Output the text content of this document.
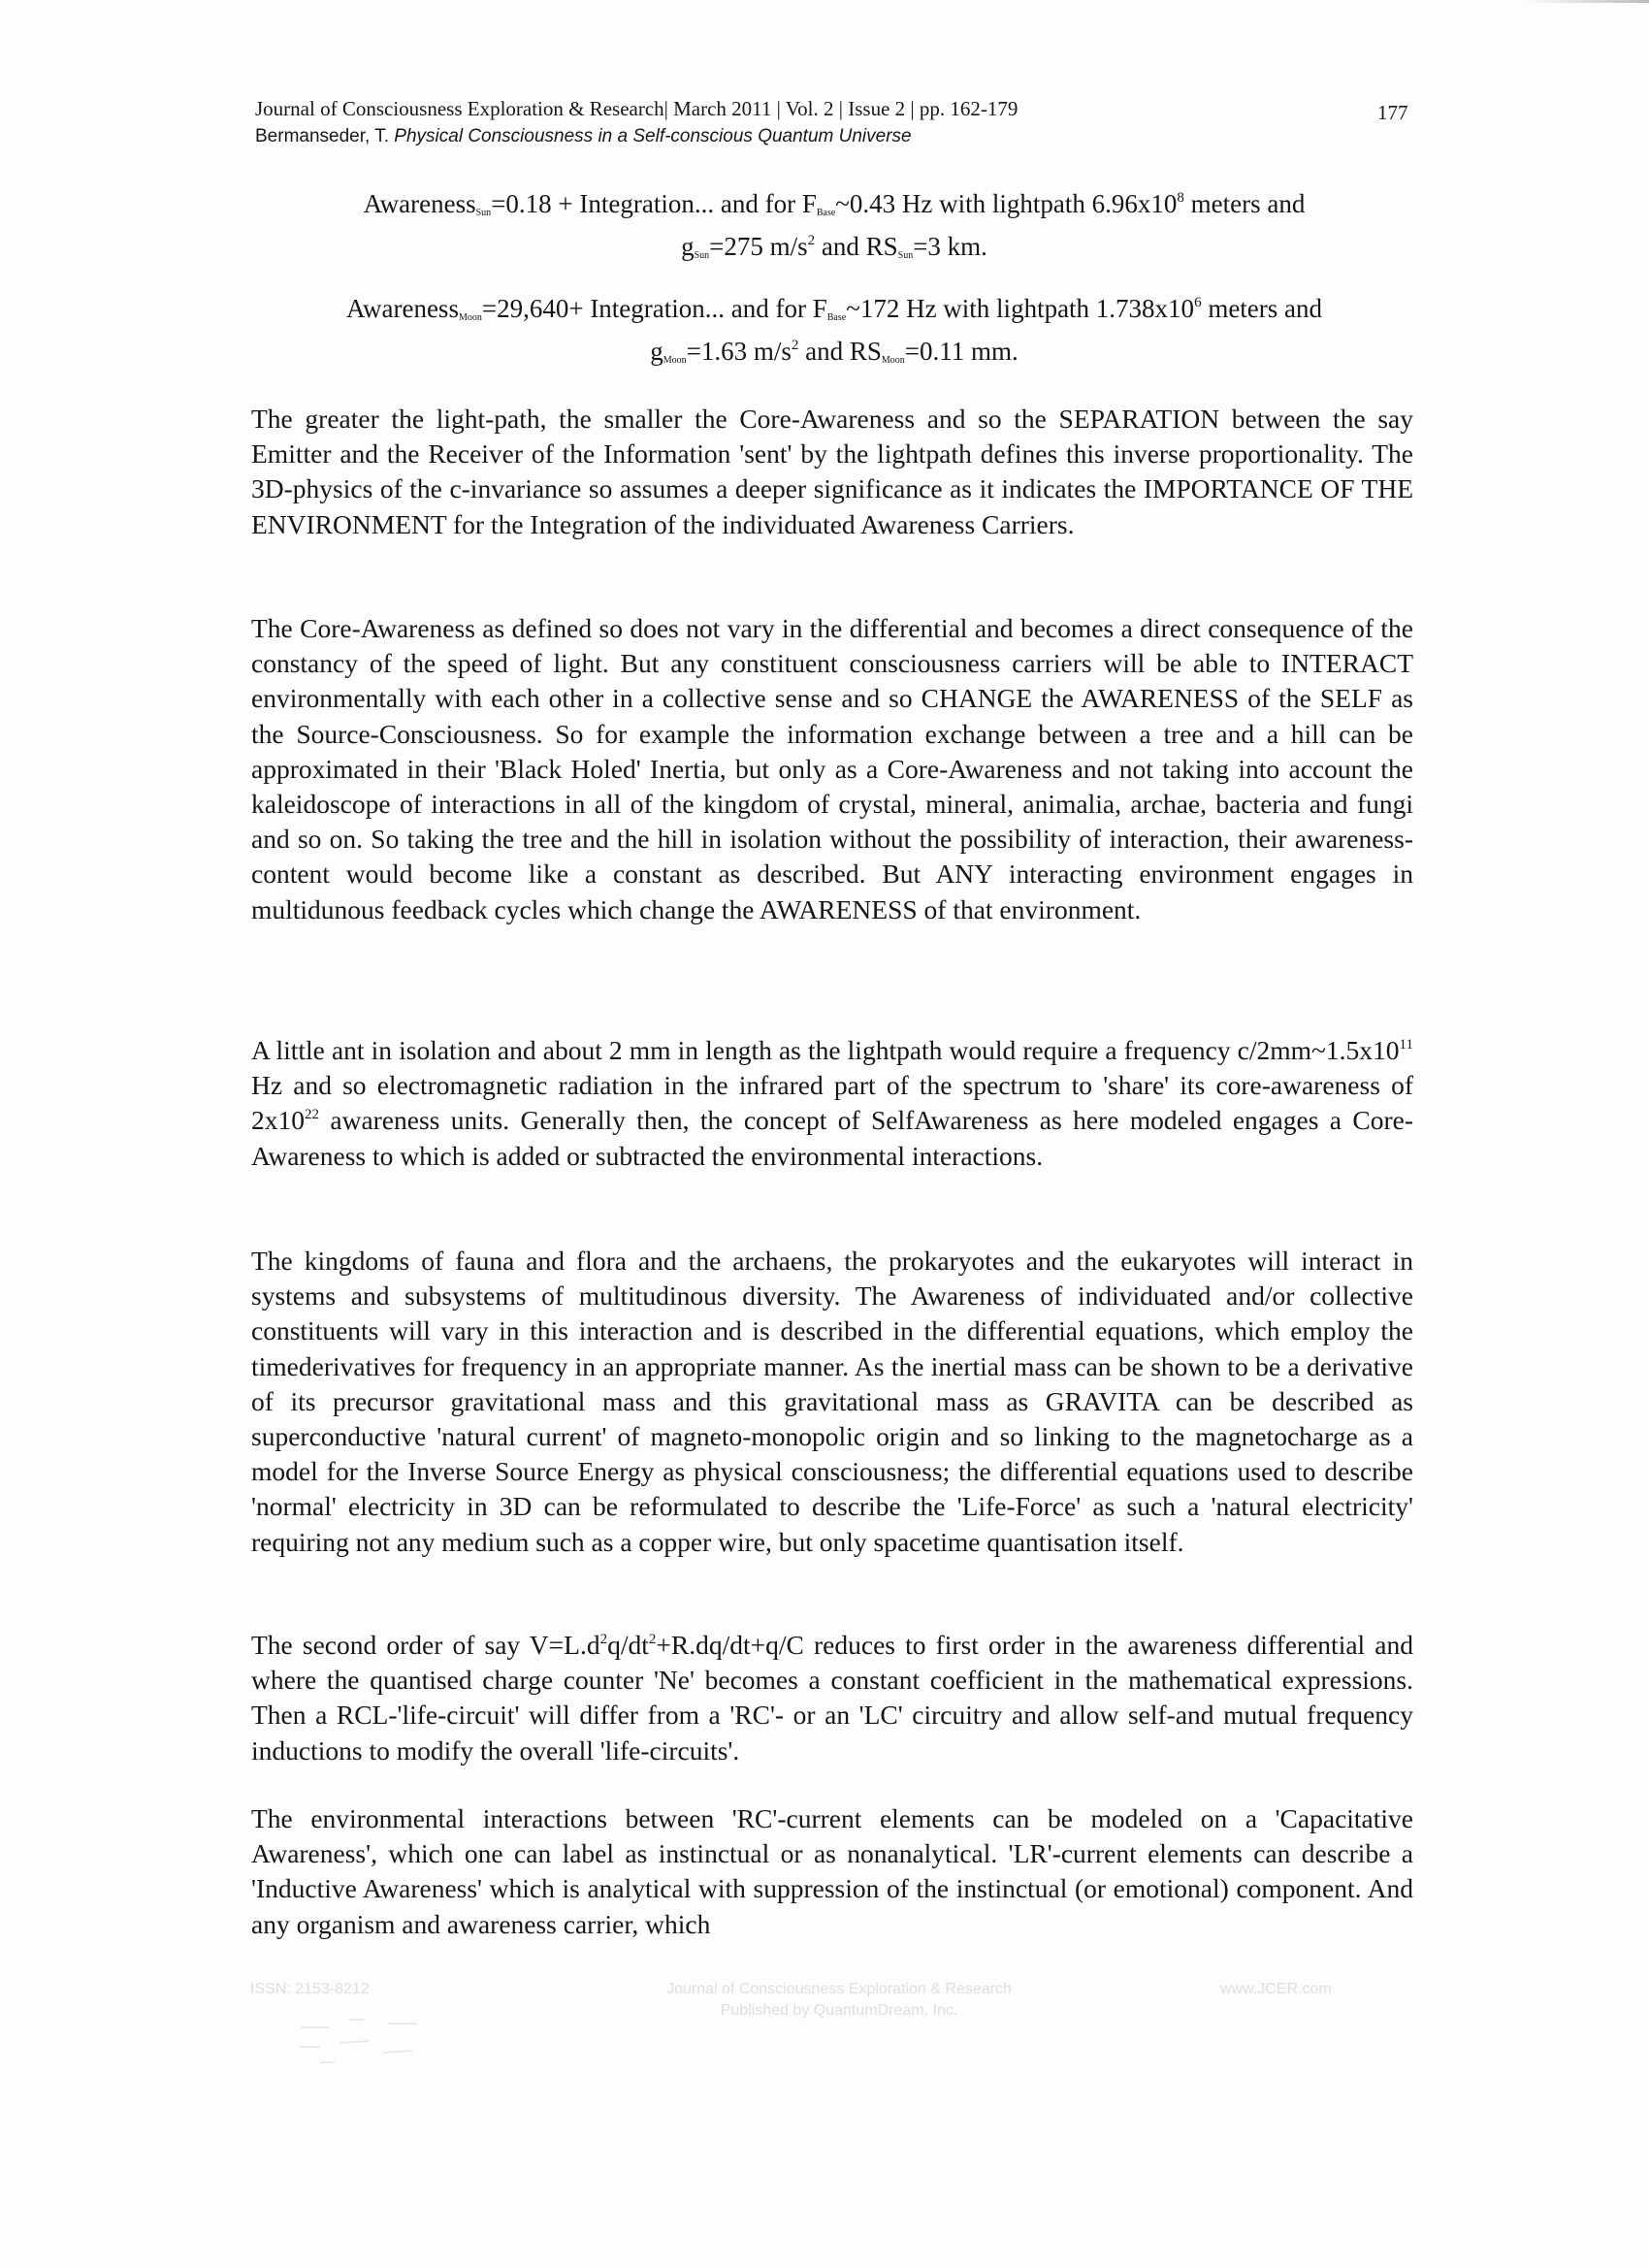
Journal of Consciousness Exploration & Research| March 2011 | Vol. 2 | Issue 2 | pp. 162-179
Bermanseder, T. Physical Consciousness in a Self-conscious Quantum Universe
177
Awareness$_{Sun}$=0.18 + Integration... and for $F_{Base}\sim 0.43$ Hz with lightpath $6.96x10^8$ meters and
$g_{Sun}=275$ $m/s^2$ and $RS_{Sun}=3$ km.
Awareness$_{Moon}$=29,640+ Integration... and for $F_{Base}\sim 172$ Hz with lightpath $1.738x10^6$ meters and
$g_{Moon}=1.63$ $m/s^2$ and $RS_{Moon}=0.11$ mm.

The greater the light-path, the smaller the Core-Awareness and so the SEPARATION between the say Emitter and the Receiver of the Information 'sent' by the lightpath defines this inverse proportionality. The 3D-physics of the c-invariance so assumes a deeper significance as it indicates the IMPORTANCE OF THE ENVIRONMENT for the Integration of the individuated Awareness Carriers.

The Core-Awareness as defined so does not vary in the differential and becomes a direct consequence of the constancy of the speed of light. But any constituent consciousness carriers will be able to INTERACT environmentally with each other in a collective sense and so CHANGE the AWARENESS of the SELF as the Source-Consciousness. So for example the information exchange between a tree and a hill can be approximated in their 'Black Holed' Inertia, but only as a Core-Awareness and not taking into account the kaleidoscope of interactions in all of the kingdom of crystal, mineral, animalia, archae, bacteria and fungi and so on. So taking the tree and the hill in isolation without the possibility of interaction, their awareness-content would become like a constant as described. But ANY interacting environment engages in multidunous feedback cycles which change the AWARENESS of that environment.

A little ant in isolation and about 2 mm in length as the lightpath would require a frequency $c/2mm\sim 1.5x10^{11}$ Hz and so electromagnetic radiation in the infrared part of the spectrum to 'share' its core-awareness of $2x10^{22}$ awareness units. Generally then, the concept of SelfAwareness as here modeled engages a Core-Awareness to which is added or subtracted the environmental interactions.

The kingdoms of fauna and flora and the archaens, the prokaryotes and the eukaryotes will interact in systems and subsystems of multitudinous diversity. The Awareness of individuated and/or collective constituents will vary in this interaction and is described in the differential equations, which employ the timederivatives for frequency in an appropriate manner. As the inertial mass can be shown to be a derivative of its precursor gravitational mass and this gravitational mass as GRAVITA can be described as superconductive 'natural current' of magneto-monopolic origin and so linking to the magnetocharge as a model for the Inverse Source Energy as physical consciousness; the differential equations used to describe 'normal' electricity in 3D can be reformulated to describe the 'Life-Force' as such a 'natural electricity' requiring not any medium such as a copper wire, but only spacetime quantisation itself.

The second order of say $V=L.d^2q/dt^2+R.dq/dt+q/C$ reduces to first order in the awareness differential and where the quantised charge counter 'Ne' becomes a constant coefficient in the mathematical expressions. Then a RCL-'life-circuit' will differ from a 'RC'- or an 'LC' circuitry and allow self-and mutual frequency inductions to modify the overall 'life-circuits'.

The environmental interactions between 'RC'-current elements can be modeled on a 'Capacitative Awareness', which one can label as instinctual or as nonanalytical. 'LR'-current elements can describe a 'Inductive Awareness' which is analytical with suppression of the instinctual (or emotional) component. And any organism and awareness carrier, which

ISSN: 2153-8212	Journal of Consciousness Exploration & Research
Published by QuantumDream, Inc.
www.JCER.com
